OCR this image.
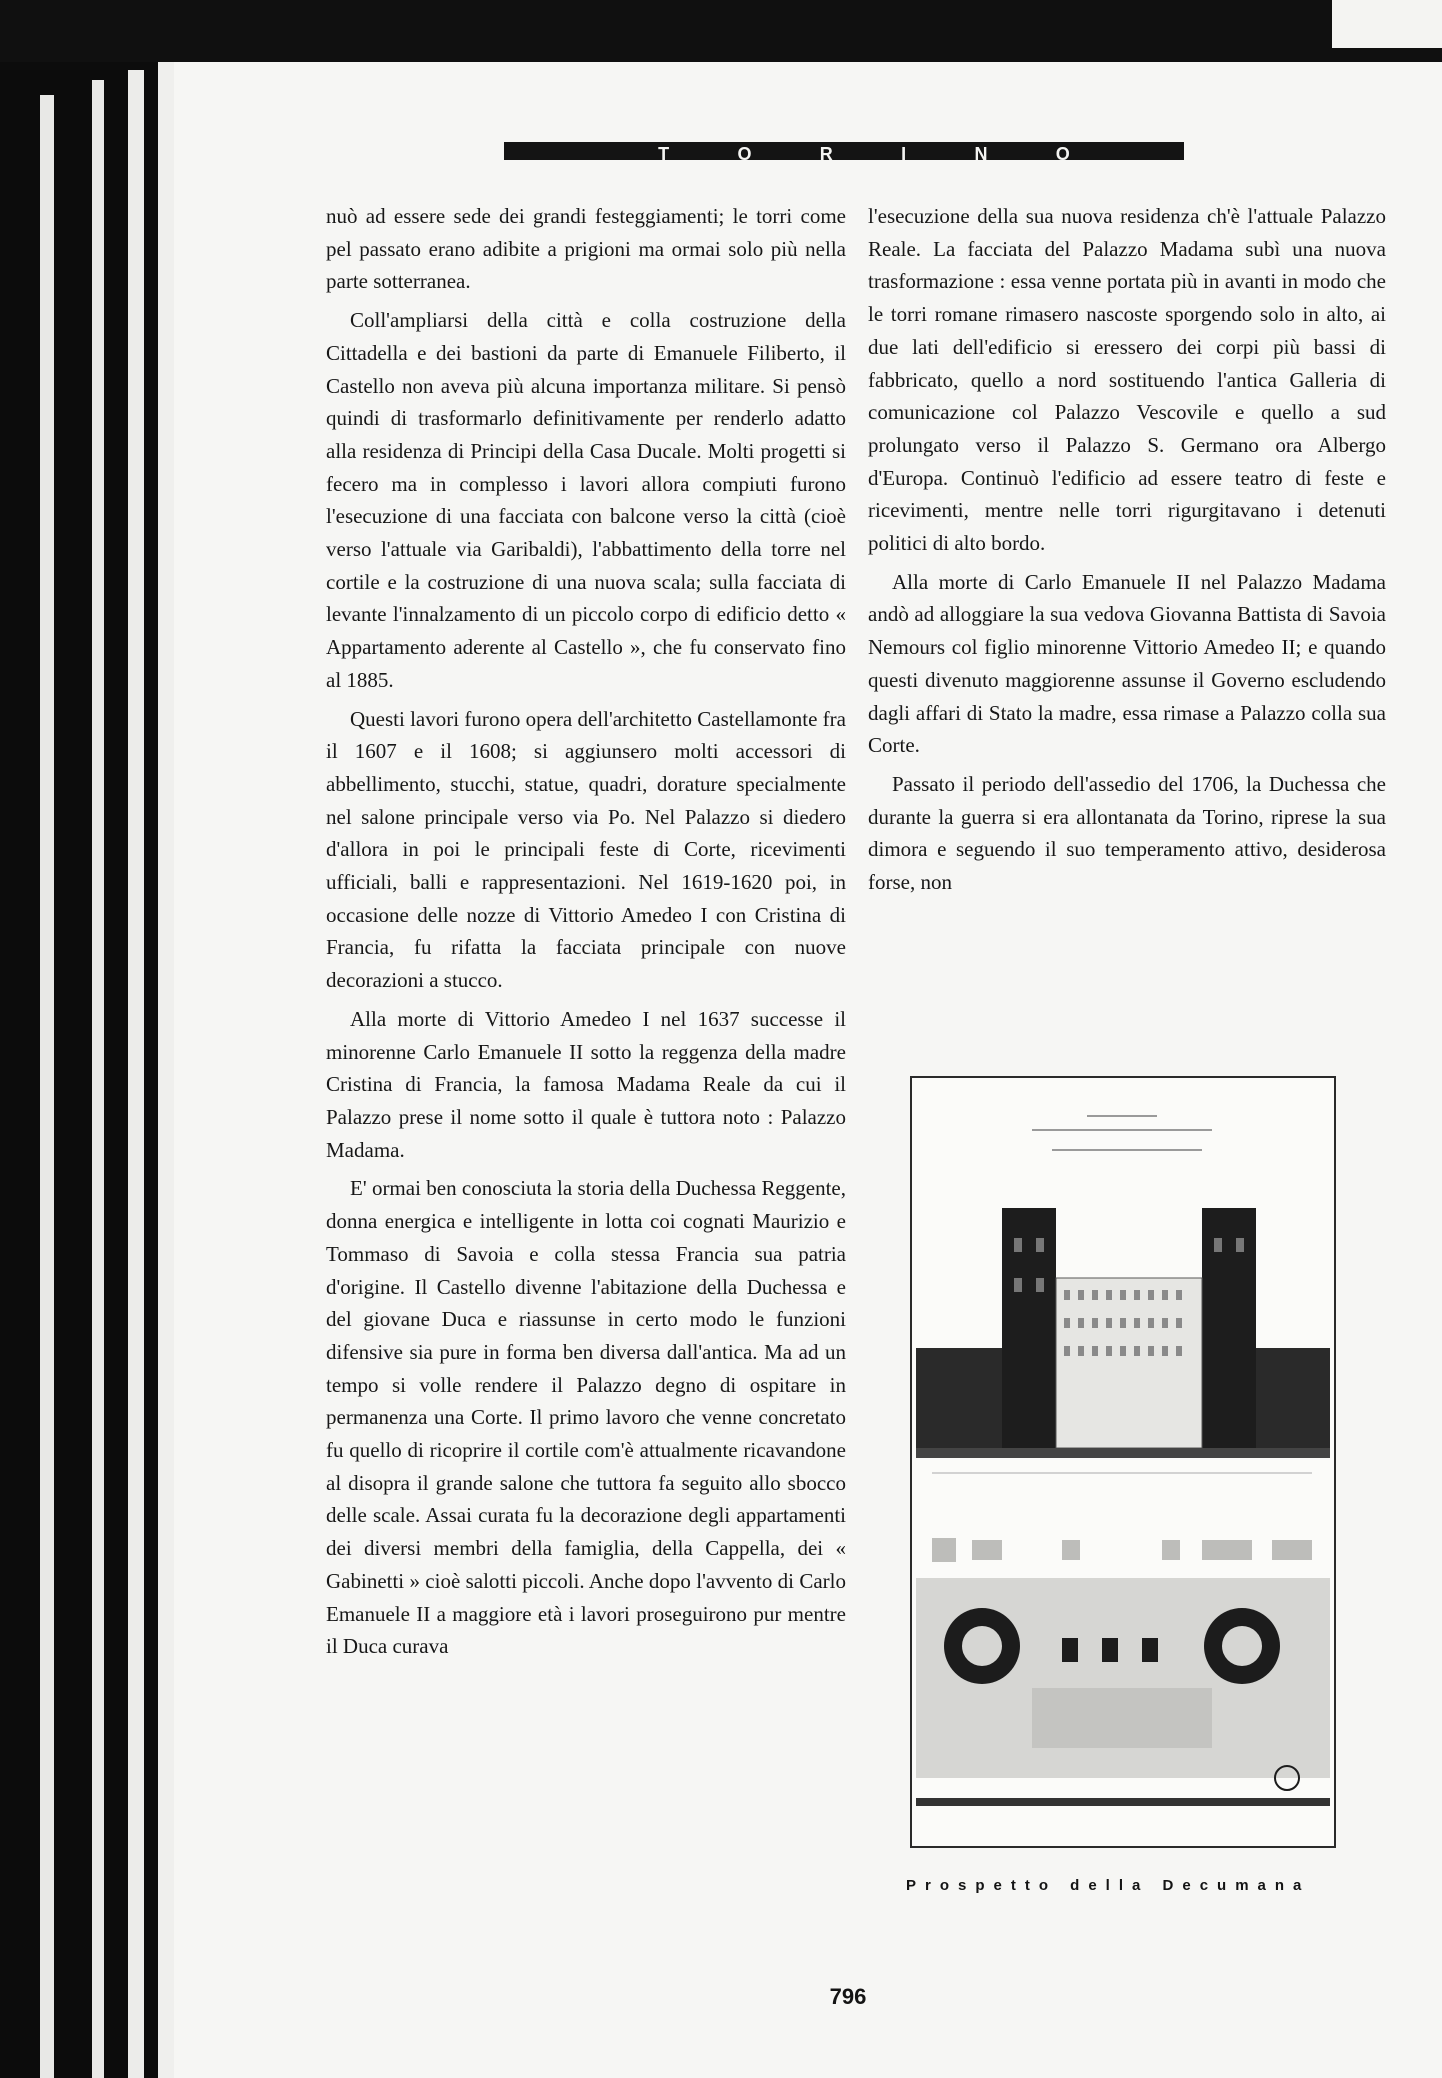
T	O	R	I	N	O

nuò ad essere sede dei grandi festeggiamenti; le torri come pel passato erano adibite a prigioni ma ormai solo più nella parte sotterranea.

Coll'ampliarsi della città e colla costruzione della Cittadella e dei bastioni da parte di Emanuele Filiberto, il Castello non aveva più alcuna importanza militare. Si pensò quindi di trasformarlo definitivamente per renderlo adatto alla residenza di Principi della Casa Ducale. Molti progetti si fecero ma in complesso i lavori allora compiuti furono l'esecuzione di una facciata con balcone verso la città (cioè verso l'attuale via Garibaldi), l'abbattimento della torre nel cortile e la costruzione di una nuova scala; sulla facciata di levante l'innalzamento di un piccolo corpo di edificio detto « Appartamento aderente al Castello », che fu conservato fino al 1885.

Questi lavori furono opera dell'architetto Castellamonte fra il 1607 e il 1608; si aggiunsero molti accessori di abbellimento, stucchi, statue, quadri, dorature specialmente nel salone principale verso via Po. Nel Palazzo si diedero d'allora in poi le principali feste di Corte, ricevimenti ufficiali, balli e rappresentazioni. Nel 1619-1620 poi, in occasione delle nozze di Vittorio Amedeo I con Cristina di Francia, fu rifatta la facciata principale con nuove decorazioni a stucco.

Alla morte di Vittorio Amedeo I nel 1637 successe il minorenne Carlo Emanuele II sotto la reggenza della madre Cristina di Francia, la famosa Madama Reale da cui il Palazzo prese il nome sotto il quale è tuttora noto : Palazzo Madama.

E' ormai ben conosciuta la storia della Duchessa Reggente, donna energica e intelligente in lotta coi cognati Maurizio e Tommaso di Savoia e colla stessa Francia sua patria d'origine. Il Castello divenne l'abitazione della Duchessa e del giovane Duca e riassunse in certo modo le funzioni difensive sia pure in forma ben diversa dall'antica. Ma ad un tempo si volle rendere il Palazzo degno di ospitare in permanenza una Corte. Il primo lavoro che venne concretato fu quello di ricoprire il cortile com'è attualmente ricavandone al disopra il grande salone che tuttora fa seguito allo sbocco delle scale. Assai curata fu la decorazione degli appartamenti dei diversi membri della famiglia, della Cappella, dei « Gabinetti » cioè salotti piccoli. Anche dopo l'avvento di Carlo Emanuele II a maggiore età i lavori proseguirono pur mentre il Duca curava

l'esecuzione della sua nuova residenza ch'è l'attuale Palazzo Reale. La facciata del Palazzo Madama subì una nuova trasformazione : essa venne portata più in avanti in modo che le torri romane rimasero nascoste sporgendo solo in alto, ai due lati dell'edificio si eressero dei corpi più bassi di fabbricato, quello a nord sostituendo l'antica Galleria di comunicazione col Palazzo Vescovile e quello a sud prolungato verso il Palazzo S. Germano ora Albergo d'Europa. Continuò l'edificio ad essere teatro di feste e ricevimenti, mentre nelle torri rigurgitavano i detenuti politici di alto bordo.

Alla morte di Carlo Emanuele II nel Palazzo Madama andò ad alloggiare la sua vedova Giovanna Battista di Savoia Nemours col figlio minorenne Vittorio Amedeo II; e quando questi divenuto maggiorenne assunse il Governo escludendo dagli affari di Stato la madre, essa rimase a Palazzo colla sua Corte.

Passato il periodo dell'assedio del 1706, la Duchessa che durante la guerra si era allontanata da Torino, riprese la sua dimora e seguendo il suo temperamento attivo, desiderosa forse, non

Prospetto della Decumana
796
